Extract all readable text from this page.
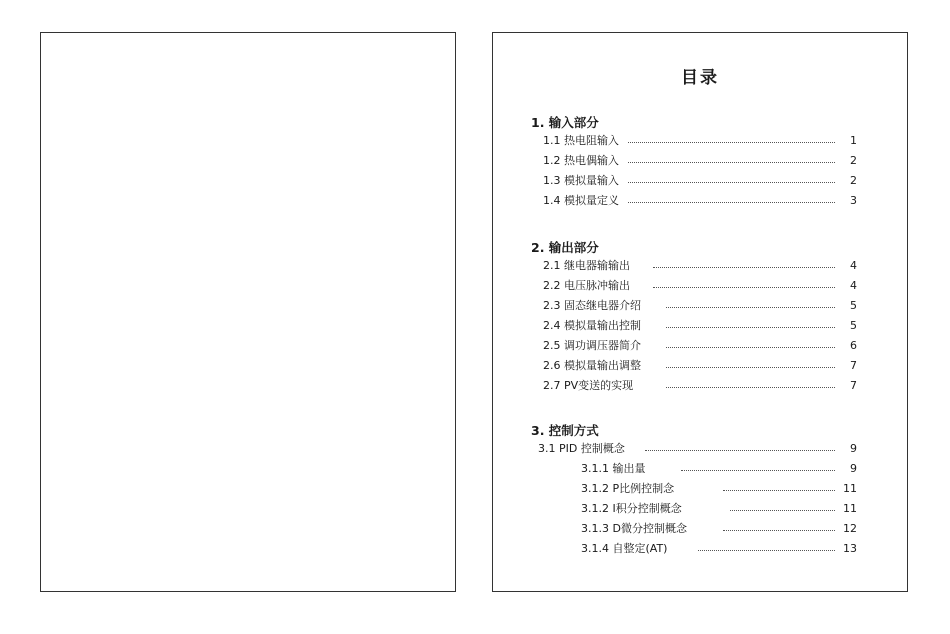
目录
1. 输入部分
1.1 热电阻输入	1
1.2 热电偶输入	2
1.3 模拟量输入	2
1.4 模拟量定义	3
2. 输出部分
2.1 继电器输输出	4
2.2 电压脉冲输出	4
2.3 固态继电器介绍	5
2.4 模拟量输出控制	5
2.5 调功调压器简介	6
2.6 模拟量输出调整	7
2.7 PV变送的实现	7
3. 控制方式
3.1 PID 控制概念	9
3.1.1 输出量	9
3.1.2 P比例控制念	11
3.1.2 I积分控制概念	11
3.1.3 D微分控制概念	12
3.1.4 自整定(AT)	13
